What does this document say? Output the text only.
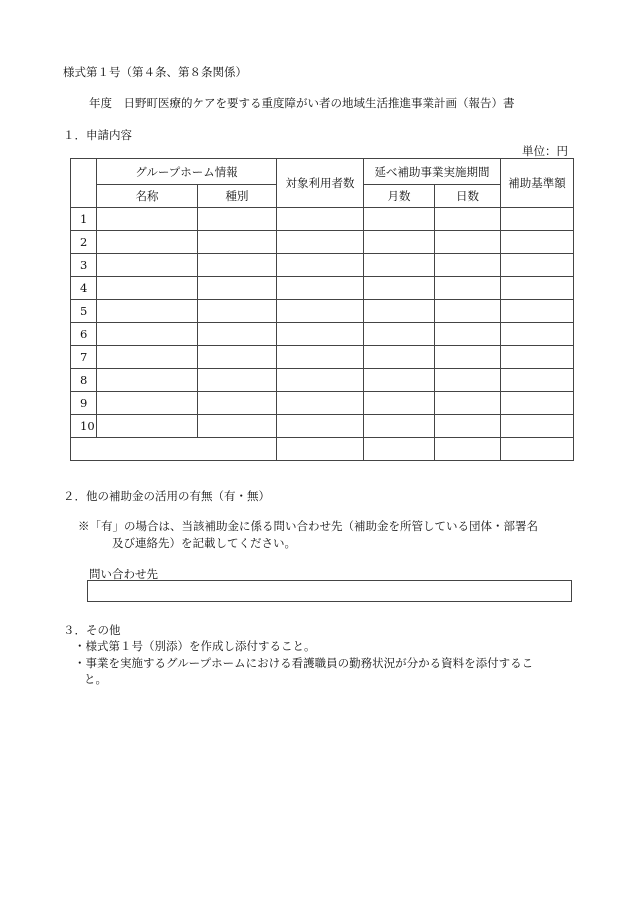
様式第１号（第４条、第８条関係）
年度　日野町医療的ケアを要する重度障がい者の地域生活推進事業計画（報告）書
１．申請内容
単位：円
	グループホーム情報		対象利用者数	延べ補助事業実施期間		補助基準額
	名称	種別		月数	日数	
1						
2						
3						
4						
5						
6						
7						
8						
9						
10						

２．他の補助金の活用の有無（有・無）
※「有」の場合は、当該補助金に係る問い合わせ先（補助金を所管している団体・部署名
及び連絡先）を記載してください。
問い合わせ先
３．その他
・様式第１号（別添）を作成し添付すること。
・事業を実施するグループホームにおける看護職員の勤務状況が分かる資料を添付するこ
と。
